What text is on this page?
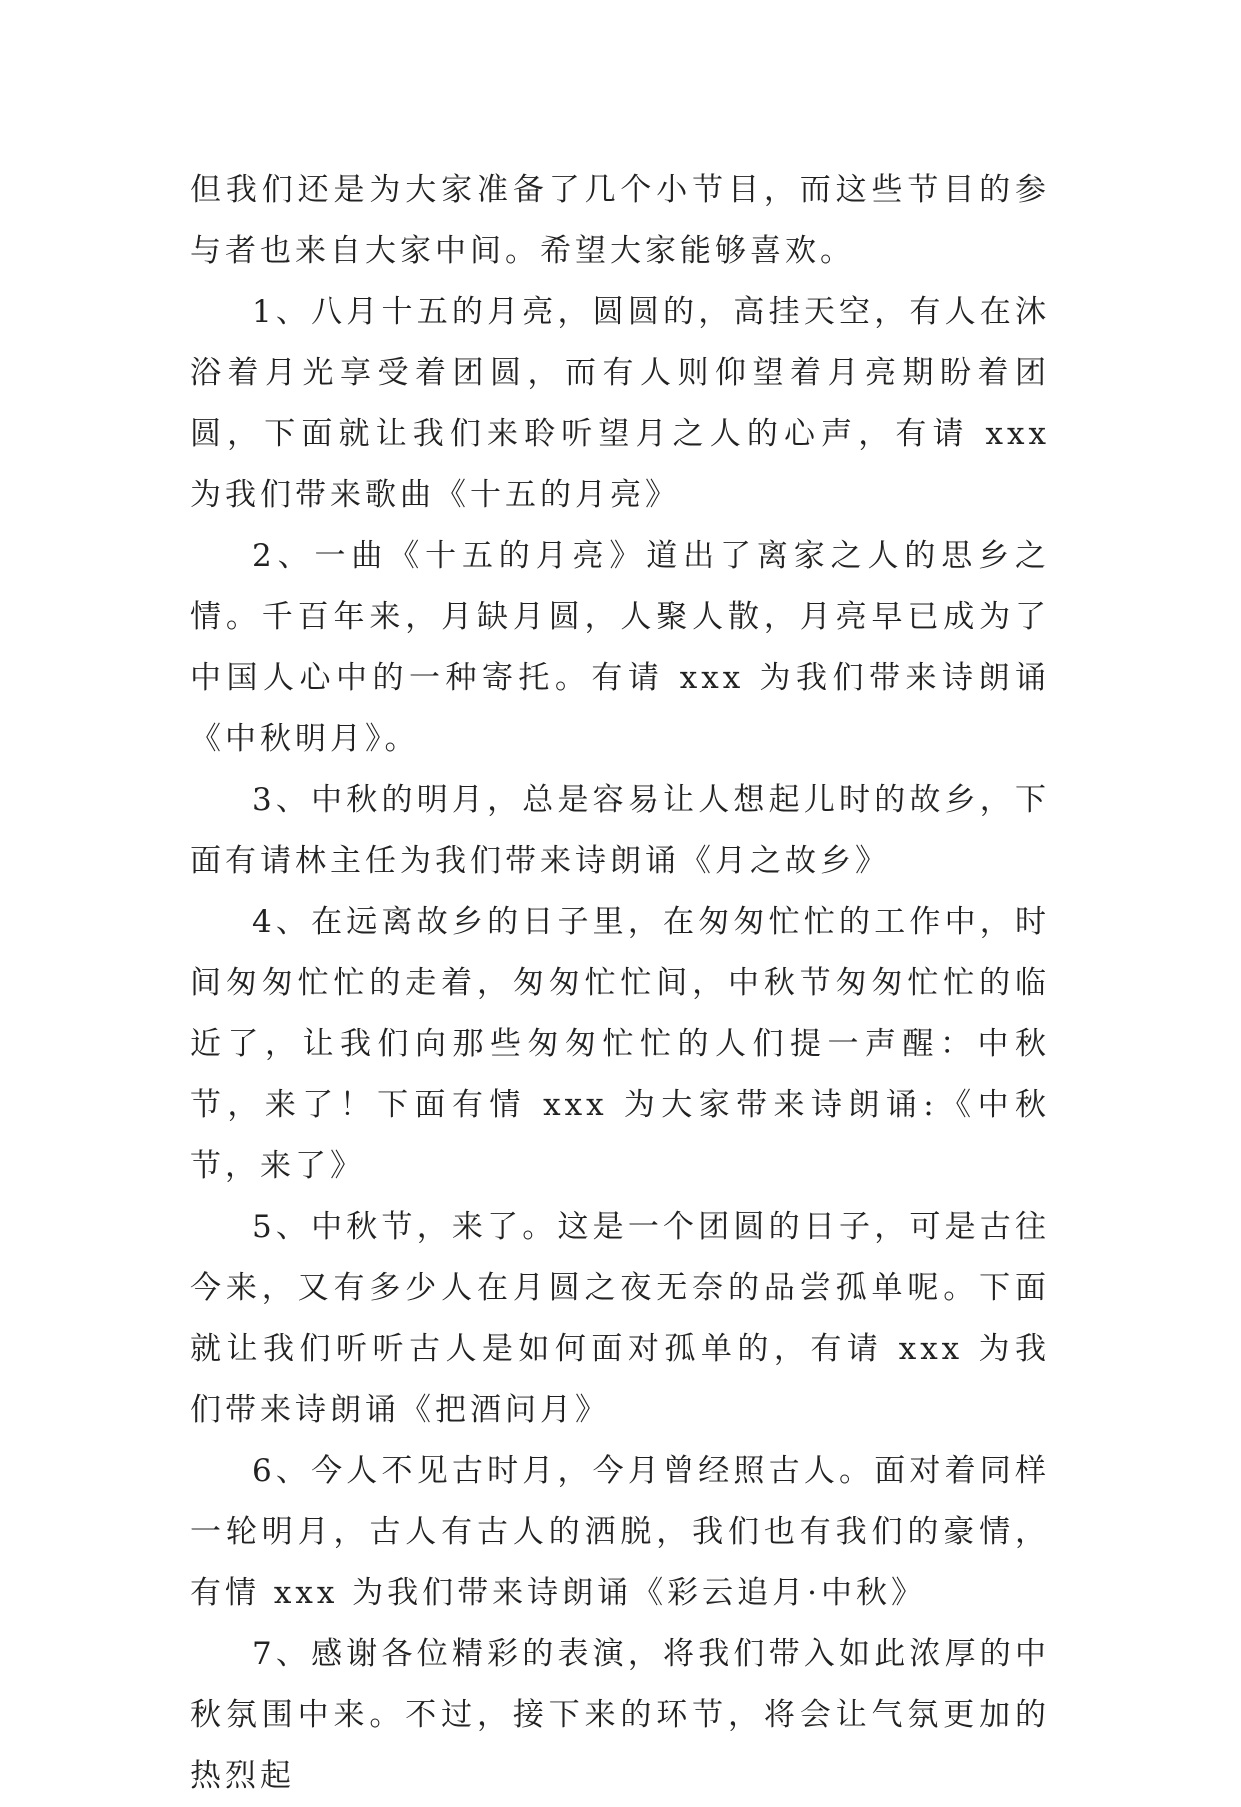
但我们还是为大家准备了几个小节目，而这些节目的参与者也来自大家中间。希望大家能够喜欢。

1、八月十五的月亮，圆圆的，高挂天空，有人在沐浴着月光享受着团圆，而有人则仰望着月亮期盼着团圆，下面就让我们来聆听望月之人的心声，有请 xxx 为我们带来歌曲《十五的月亮》

2、一曲《十五的月亮》道出了离家之人的思乡之情。千百年来，月缺月圆，人聚人散，月亮早已成为了中国人心中的一种寄托。有请 xxx 为我们带来诗朗诵《中秋明月》。

3、中秋的明月，总是容易让人想起儿时的故乡，下面有请林主任为我们带来诗朗诵《月之故乡》

4、在远离故乡的日子里，在匆匆忙忙的工作中，时间匆匆忙忙的走着，匆匆忙忙间，中秋节匆匆忙忙的临近了，让我们向那些匆匆忙忙的人们提一声醒：中秋节，来了！下面有情 xxx 为大家带来诗朗诵:《中秋节，来了》

5、中秋节，来了。这是一个团圆的日子，可是古往今来，又有多少人在月圆之夜无奈的品尝孤单呢。下面就让我们听听古人是如何面对孤单的，有请 xxx 为我们带来诗朗诵《把酒问月》

6、今人不见古时月，今月曾经照古人。面对着同样一轮明月，古人有古人的洒脱，我们也有我们的豪情，有情 xxx 为我们带来诗朗诵《彩云追月·中秋》

7、感谢各位精彩的表演，将我们带入如此浓厚的中秋氛围中来。不过，接下来的环节，将会让气氛更加的热烈起
